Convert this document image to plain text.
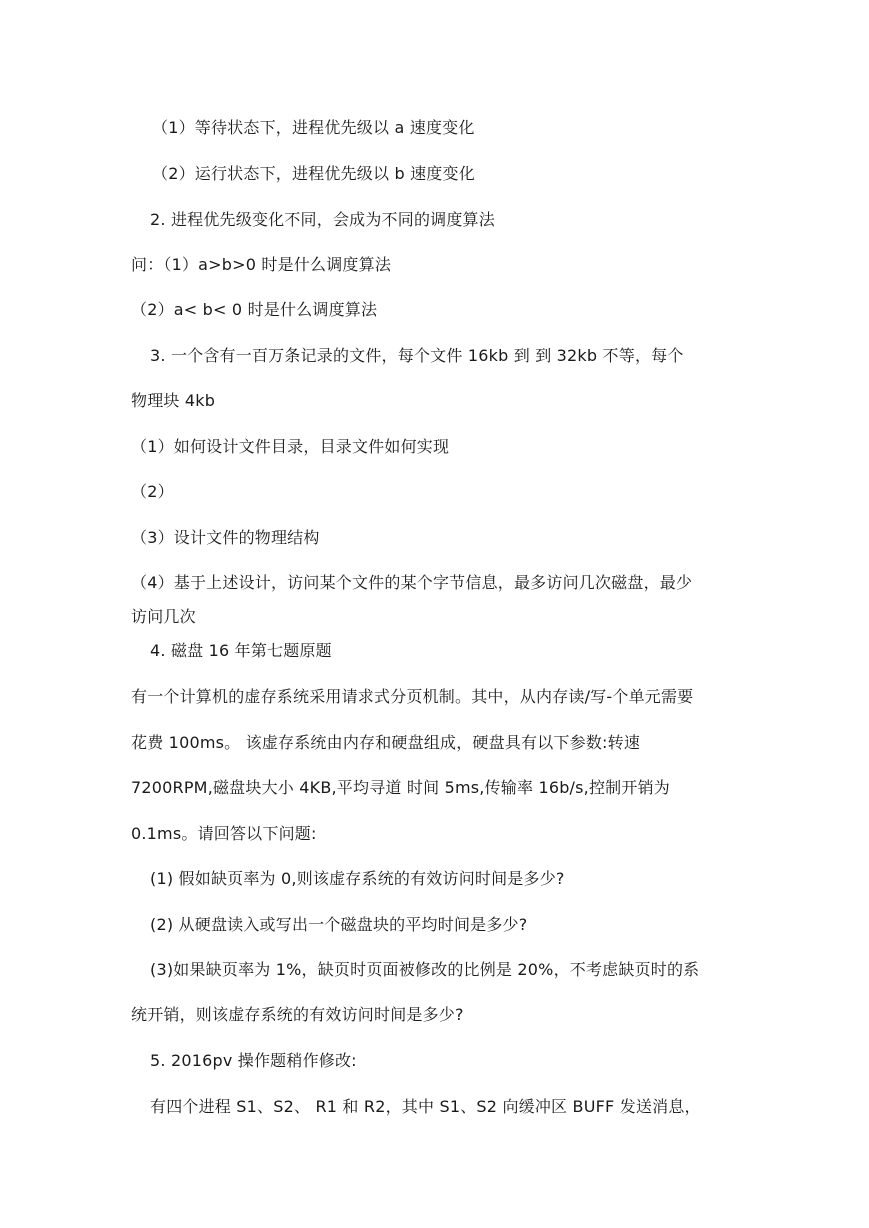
（1）等待状态下，进程优先级以 a 速度变化
（2）运行状态下，进程优先级以 b 速度变化
2. 进程优先级变化不同，会成为不同的调度算法
问：（1）a>b>0 时是什么调度算法
（2）a< b< 0 时是什么调度算法
3. 一个含有一百万条记录的文件，每个文件 16kb 到 到 32kb 不等，每个
物理块 4kb
（1）如何设计文件目录，目录文件如何实现
（2）
（3）设计文件的物理结构
（4）基于上述设计，访问某个文件的某个字节信息，最多访问几次磁盘，最少
访问几次
4. 磁盘 16 年第七题原题
有一个计算机的虚存系统采用请求式分页机制。其中，从内存读/写-个单元需要
花费 100ms。 该虚存系统由内存和硬盘组成，硬盘具有以下参数:转速
7200RPM,磁盘块大小 4KB,平均寻道 时间 5ms,传输率 16b/s,控制开销为
0.1ms。请回答以下问题:
(1) 假如缺页率为 0,则该虚存系统的有效访问时间是多少?
(2) 从硬盘读入或写出一个磁盘块的平均时间是多少?
(3)如果缺页率为 1%，缺页时页面被修改的比例是 20%，不考虑缺页时的系
统开销，则该虚存系统的有效访问时间是多少?
5. 2016pv 操作题稍作修改:
有四个进程 S1、S2、 R1 和 R2，其中 S1、S2 向缓冲区 BUFF 发送消息，
